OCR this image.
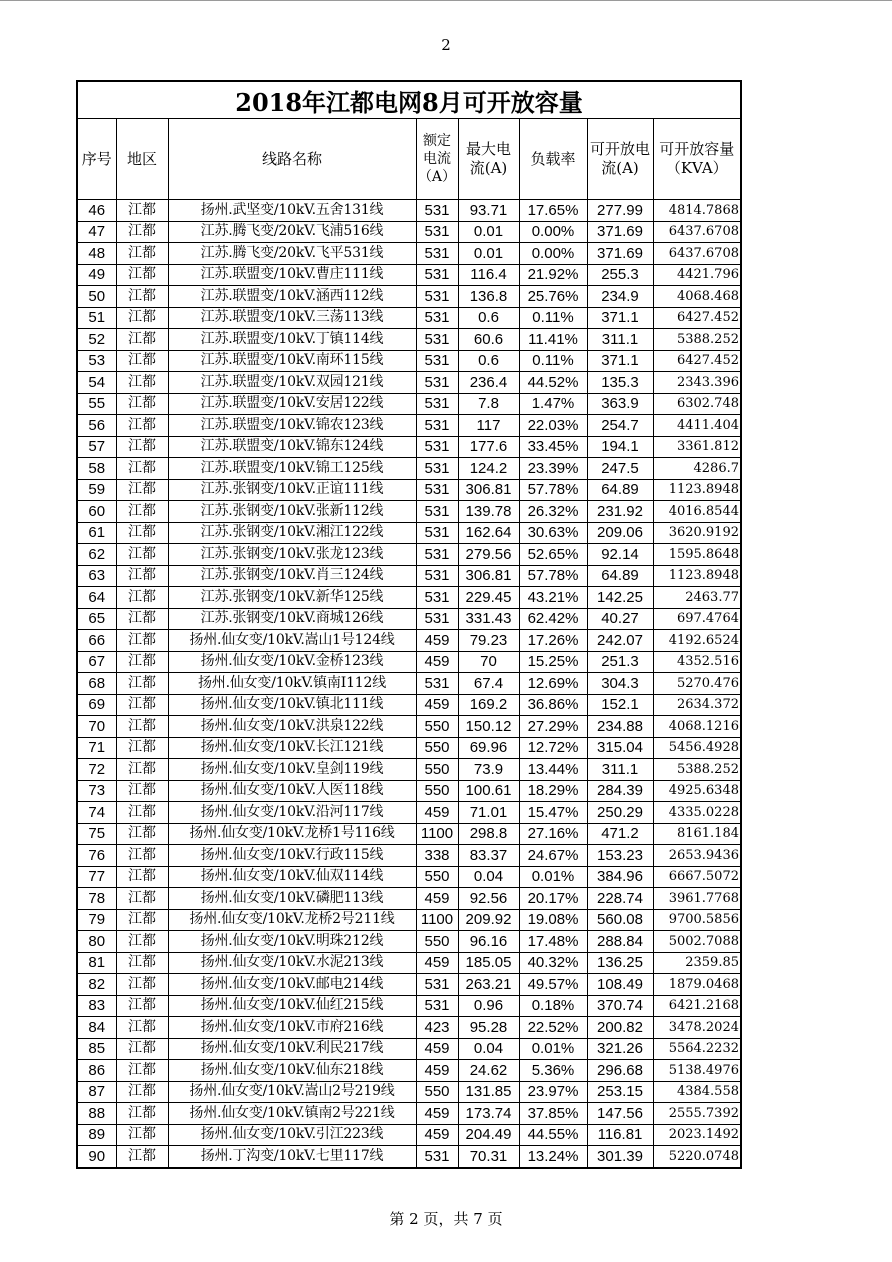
2
2018年江都电网8月可开放容量							
序号	地区	线路名称	额定电流（A）	最大电流(A)	负载率	可开放电流(A)	可开放容量（KVA）
46	江都	扬州.武坚变/10kV.五舍131线	531	93.71	17.65%	277.99	4814.7868
47	江都	江苏.腾飞变/20kV.飞浦516线	531	0.01	0.00%	371.69	6437.6708
48	江都	江苏.腾飞变/20kV.飞平531线	531	0.01	0.00%	371.69	6437.6708
49	江都	江苏.联盟变/10kV.曹庄111线	531	116.4	21.92%	255.3	4421.796
50	江都	江苏.联盟变/10kV.涵西112线	531	136.8	25.76%	234.9	4068.468
51	江都	江苏.联盟变/10kV.三荡113线	531	0.6	0.11%	371.1	6427.452
52	江都	江苏.联盟变/10kV.丁镇114线	531	60.6	11.41%	311.1	5388.252
53	江都	江苏.联盟变/10kV.南环115线	531	0.6	0.11%	371.1	6427.452
54	江都	江苏.联盟变/10kV.双园121线	531	236.4	44.52%	135.3	2343.396
55	江都	江苏.联盟变/10kV.安居122线	531	7.8	1.47%	363.9	6302.748
56	江都	江苏.联盟变/10kV.锦农123线	531	117	22.03%	254.7	4411.404
57	江都	江苏.联盟变/10kV.锦东124线	531	177.6	33.45%	194.1	3361.812
58	江都	江苏.联盟变/10kV.锦工125线	531	124.2	23.39%	247.5	4286.7
59	江都	江苏.张钢变/10kV.正谊111线	531	306.81	57.78%	64.89	1123.8948
60	江都	江苏.张钢变/10kV.张新112线	531	139.78	26.32%	231.92	4016.8544
61	江都	江苏.张钢变/10kV.湘江122线	531	162.64	30.63%	209.06	3620.9192
62	江都	江苏.张钢变/10kV.张龙123线	531	279.56	52.65%	92.14	1595.8648
63	江都	江苏.张钢变/10kV.肖三124线	531	306.81	57.78%	64.89	1123.8948
64	江都	江苏.张钢变/10kV.新华125线	531	229.45	43.21%	142.25	2463.77
65	江都	江苏.张钢变/10kV.商城126线	531	331.43	62.42%	40.27	697.4764
66	江都	扬州.仙女变/10kV.嵩山1号124线	459	79.23	17.26%	242.07	4192.6524
67	江都	扬州.仙女变/10kV.金桥123线	459	70	15.25%	251.3	4352.516
68	江都	扬州.仙女变/10kV.镇南Ⅰ112线	531	67.4	12.69%	304.3	5270.476
69	江都	扬州.仙女变/10kV.镇北111线	459	169.2	36.86%	152.1	2634.372
70	江都	扬州.仙女变/10kV.洪泉122线	550	150.12	27.29%	234.88	4068.1216
71	江都	扬州.仙女变/10kV.长江121线	550	69.96	12.72%	315.04	5456.4928
72	江都	扬州.仙女变/10kV.皇剑119线	550	73.9	13.44%	311.1	5388.252
73	江都	扬州.仙女变/10kV.人医118线	550	100.61	18.29%	284.39	4925.6348
74	江都	扬州.仙女变/10kV.沿河117线	459	71.01	15.47%	250.29	4335.0228
75	江都	扬州.仙女变/10kV.龙桥1号116线	1100	298.8	27.16%	471.2	8161.184
76	江都	扬州.仙女变/10kV.行政115线	338	83.37	24.67%	153.23	2653.9436
77	江都	扬州.仙女变/10kV.仙双114线	550	0.04	0.01%	384.96	6667.5072
78	江都	扬州.仙女变/10kV.磷肥113线	459	92.56	20.17%	228.74	3961.7768
79	江都	扬州.仙女变/10kV.龙桥2号211线	1100	209.92	19.08%	560.08	9700.5856
80	江都	扬州.仙女变/10kV.明珠212线	550	96.16	17.48%	288.84	5002.7088
81	江都	扬州.仙女变/10kV.水泥213线	459	185.05	40.32%	136.25	2359.85
82	江都	扬州.仙女变/10kV.邮电214线	531	263.21	49.57%	108.49	1879.0468
83	江都	扬州.仙女变/10kV.仙红215线	531	0.96	0.18%	370.74	6421.2168
84	江都	扬州.仙女变/10kV.市府216线	423	95.28	22.52%	200.82	3478.2024
85	江都	扬州.仙女变/10kV.利民217线	459	0.04	0.01%	321.26	5564.2232
86	江都	扬州.仙女变/10kV.仙东218线	459	24.62	5.36%	296.68	5138.4976
87	江都	扬州.仙女变/10kV.嵩山2号219线	550	131.85	23.97%	253.15	4384.558
88	江都	扬州.仙女变/10kV.镇南2号221线	459	173.74	37.85%	147.56	2555.7392
89	江都	扬州.仙女变/10kV.引江223线	459	204.49	44.55%	116.81	2023.1492
90	江都	扬州.丁沟变/10kV.七里117线	531	70.31	13.24%	301.39	5220.0748
第 2 页，共 7 页
